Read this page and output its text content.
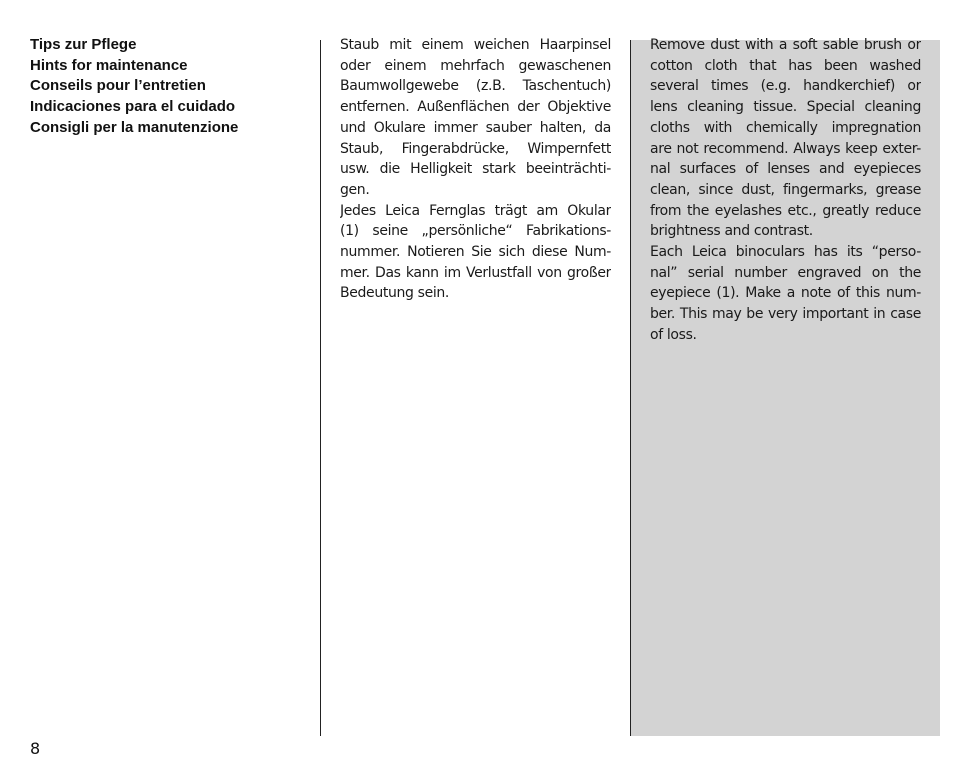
Tips zur Pflege
Hints for maintenance
Conseils pour l’entretien
Indicaciones para el cuidado
Consigli per la manutenzione

Staub mit einem weichen Haarpinsel
oder einem mehrfach gewaschenen
Baumwollgewebe (z.B. Taschentuch)
entfernen. Außenflächen der Objektive
und Okulare immer sauber halten, da
Staub, Fingerabdrücke, Wimpernfett
usw. die Helligkeit stark beeinträchti-
gen.

Jedes Leica Fernglas trägt am Okular
(1) seine „persönliche“ Fabrikations-
nummer. Notieren Sie sich diese Num-
mer. Das kann im Verlustfall von großer
Bedeutung sein.

Remove dust with a soft sable brush or
cotton cloth that has been washed
several times (e.g. handkerchief) or
lens cleaning tissue. Special cleaning
cloths with chemically impregnation
are not recommend. Always keep exter-
nal surfaces of lenses and eyepieces
clean, since dust, fingermarks, grease
from the eyelashes etc., greatly reduce
brightness and contrast.

Each Leica binoculars has its “perso-
nal” serial number engraved on the
eyepiece (1). Make a note of this num-
ber. This may be very important in case
of loss.

8
